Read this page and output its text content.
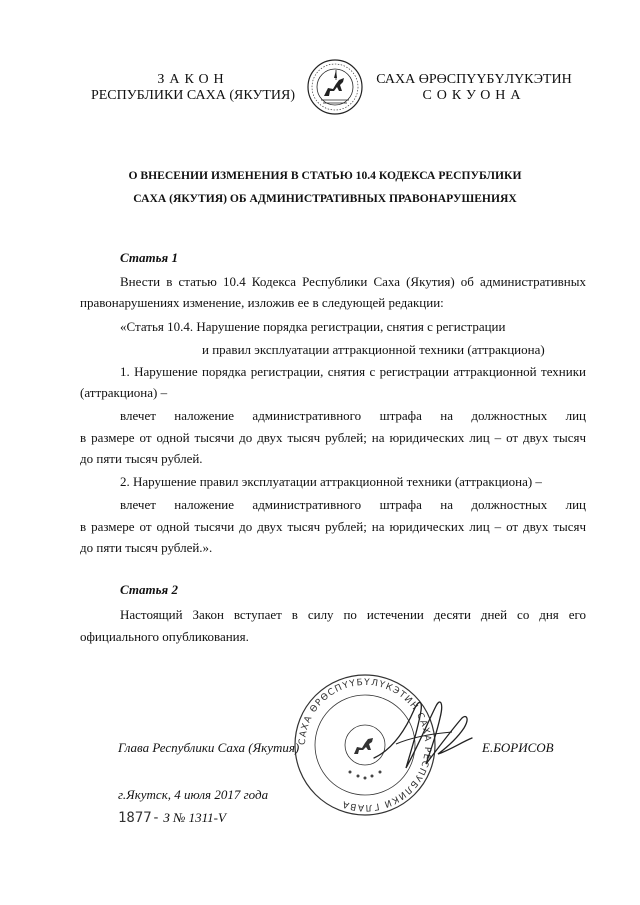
ЗАКОН
РЕСПУБЛИКИ САХА (ЯКУТИЯ)
САХА ӨРӨСПҮҮБҮЛҮКЭТИН
СОКУОНА
О ВНЕСЕНИИ ИЗМЕНЕНИЯ В СТАТЬЮ 10.4 КОДЕКСА РЕСПУБЛИКИ
САХА (ЯКУТИЯ) ОБ АДМИНИСТРАТИВНЫХ ПРАВОНАРУШЕНИЯХ
Статья 1
Внести в статью 10.4 Кодекса Республики Саха (Якутия) об административных
правонарушениях изменение, изложив ее в следующей редакции:
«Статья 10.4. Нарушение порядка регистрации, снятия с регистрации
и правил эксплуатации аттракционной техники (аттракциона)
1. Нарушение порядка регистрации, снятия с регистрации аттракционной техники
(аттракциона) –
влечет наложение административного штрафа на должностных лиц
в размере от одной тысячи до двух тысяч рублей; на юридических лиц – от двух тысяч
до пяти тысяч рублей.
2. Нарушение правил эксплуатации аттракционной техники (аттракциона) –
влечет наложение административного штрафа на должностных лиц
в размере от одной тысячи до двух тысяч рублей; на юридических лиц – от двух тысяч
до пяти тысяч рублей.».
Статья 2
Настоящий Закон вступает в силу по истечении десяти дней со дня его
официального опубликования.
САХА ӨРӨСПҮҮБҮЛҮКЭТИН САХА РЕСПУБЛИКИ ГЛАВА
Глава Республики Саха (Якутия)	Е.БОРИСОВ
г.Якутск, 4 июля 2017 года
1877- З № 1311-V
